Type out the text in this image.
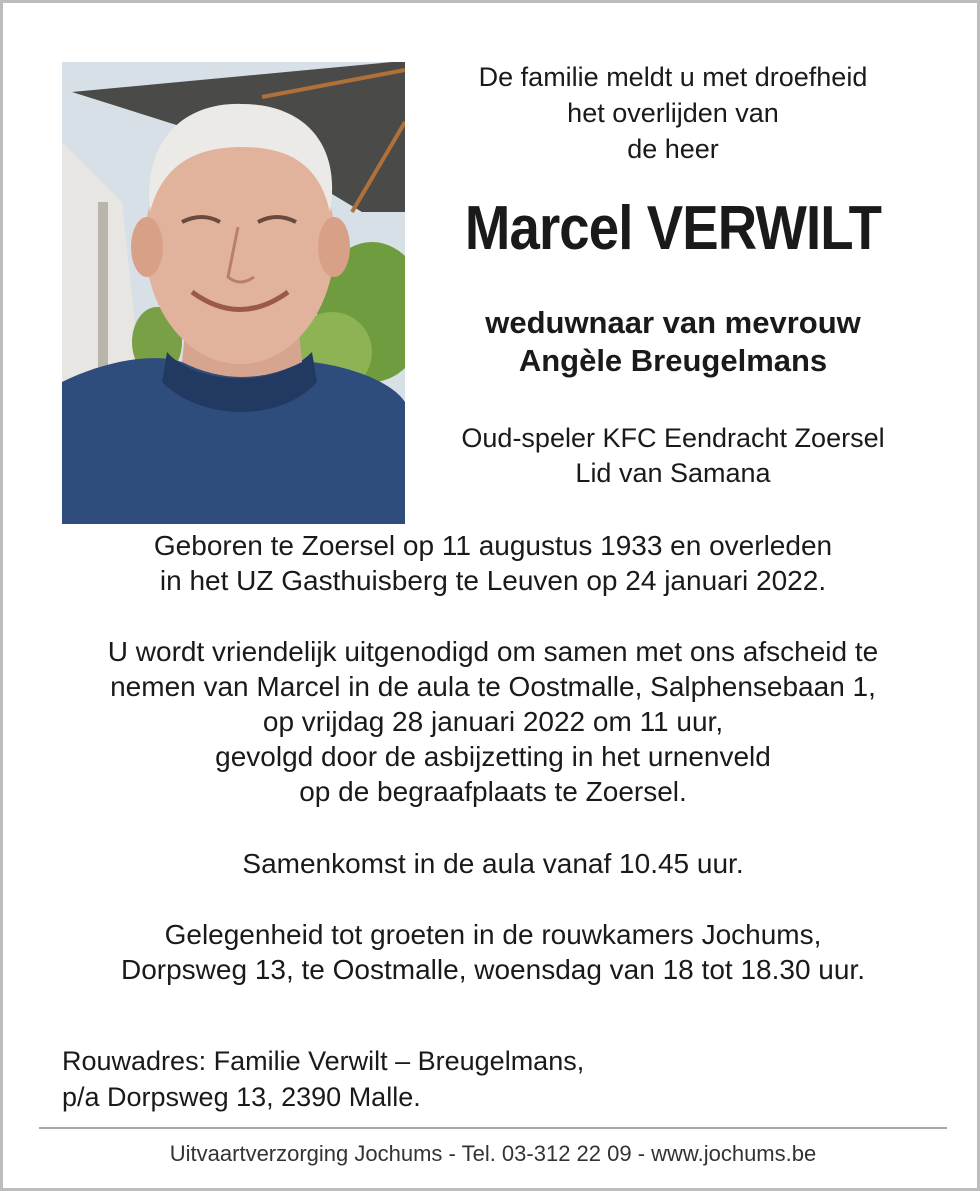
De familie meldt u met droefheid
het overlijden van
de heer
Marcel VERWILT
weduwnaar van mevrouw
Angèle Breugelmans
Oud-speler KFC Eendracht Zoersel
Lid van Samana
Geboren te Zoersel op 11 augustus 1933 en overleden
in het UZ Gasthuisberg te Leuven op 24 januari 2022.
U wordt vriendelijk uitgenodigd om samen met ons afscheid te
nemen van Marcel in de aula te Oostmalle, Salphensebaan 1,
op vrijdag 28 januari 2022 om 11 uur,
gevolgd door de asbijzetting in het urnenveld
op de begraafplaats te Zoersel.
Samenkomst in de aula vanaf 10.45 uur.
Gelegenheid tot groeten in de rouwkamers Jochums,
Dorpsweg 13, te Oostmalle, woensdag van 18 tot 18.30 uur.
Rouwadres: Familie Verwilt – Breugelmans,
p/a Dorpsweg 13, 2390 Malle.
Uitvaartverzorging Jochums - Tel. 03-312 22 09 - www.jochums.be
